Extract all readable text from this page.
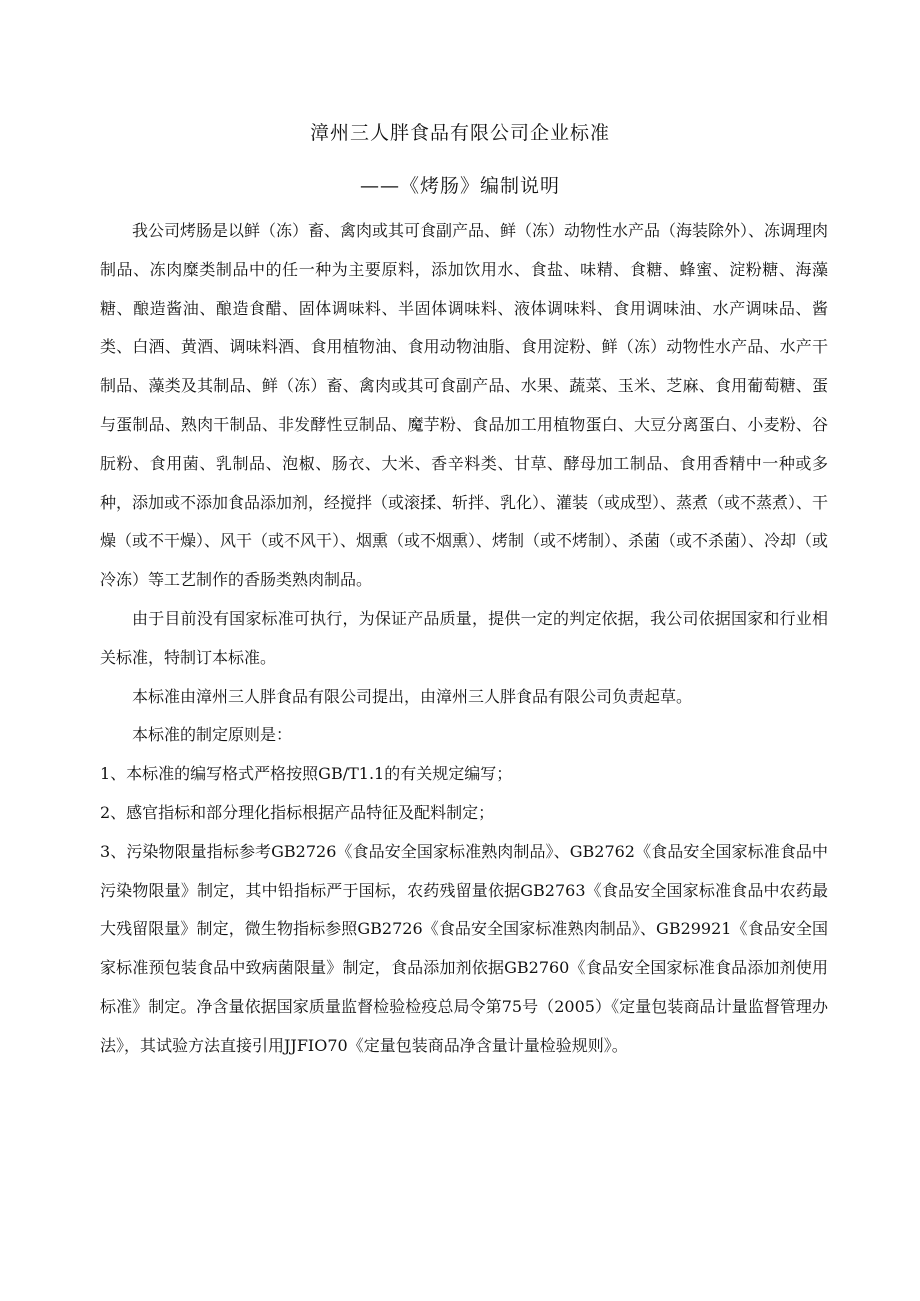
漳州三人胖食品有限公司企业标准
——《烤肠》编制说明

我公司烤肠是以鲜（冻）畜、禽肉或其可食副产品、鲜（冻）动物性水产品（海装除外）、冻调理肉制品、冻肉糜类制品中的任一种为主要原料，添加饮用水、食盐、味精、食糖、蜂蜜、淀粉糖、海藻糖、酿造酱油、酿造食醋、固体调味料、半固体调味料、液体调味料、食用调味油、水产调味品、酱类、白酒、黄酒、调味料酒、食用植物油、食用动物油脂、食用淀粉、鲜（冻）动物性水产品、水产干制品、藻类及其制品、鲜（冻）畜、禽肉或其可食副产品、水果、蔬菜、玉米、芝麻、食用葡萄糖、蛋与蛋制品、熟肉干制品、非发酵性豆制品、魔芋粉、食品加工用植物蛋白、大豆分离蛋白、小麦粉、谷朊粉、食用菌、乳制品、泡椒、肠衣、大米、香辛料类、甘草、酵母加工制品、食用香精中一种或多种，添加或不添加食品添加剂，经搅拌（或滚揉、斩拌、乳化）、灌装（或成型）、蒸煮（或不蒸煮）、干燥（或不干燥）、风干（或不风干）、烟熏（或不烟熏）、烤制（或不烤制）、杀菌（或不杀菌）、冷却（或冷冻）等工艺制作的香肠类熟肉制品。

由于目前没有国家标准可执行，为保证产品质量，提供一定的判定依据，我公司依据国家和行业相关标准，特制订本标准。

本标准由漳州三人胖食品有限公司提出，由漳州三人胖食品有限公司负责起草。

本标准的制定原则是：

1、本标准的编写格式严格按照GB/T1.1的有关规定编写；

2、感官指标和部分理化指标根据产品特征及配料制定；

3、污染物限量指标参考GB2726《食品安全国家标准熟肉制品》、GB2762《食品安全国家标准食品中污染物限量》制定，其中铅指标严于国标，农药残留量依据GB2763《食品安全国家标准食品中农药最大残留限量》制定，微生物指标参照GB2726《食品安全国家标准熟肉制品》、GB29921《食品安全国家标准预包装食品中致病菌限量》制定，食品添加剂依据GB2760《食品安全国家标准食品添加剂使用标准》制定。净含量依据国家质量监督检验检疫总局令第75号（2005）《定量包装商品计量监督管理办法》，其试验方法直接引用JJFIO70《定量包装商品净含量计量检验规则》。
